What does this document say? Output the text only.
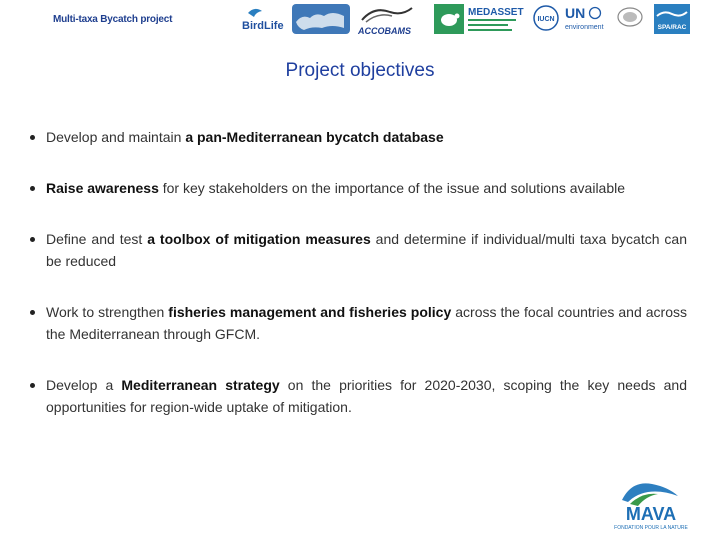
Multi-taxa Bycatch project
BirdLife	ACCOBAMS
MEDASSET
IUCN UN
environment	SPA/RAC
Project objectives
Develop and maintain a pan-Mediterranean bycatch database
Raise awareness for key stakeholders on the importance of the issue and solutions available
Define and test a toolbox of mitigation measures and determine if individual/multi taxa bycatch can be reduced
Work to strengthen fisheries management and fisheries policy across the focal countries and across the Mediterranean through GFCM.
Develop a Mediterranean strategy on the priorities for 2020-2030, scoping the key needs and opportunities for region-wide uptake of mitigation.
MAVA
FONDATION POUR LA NATURE
